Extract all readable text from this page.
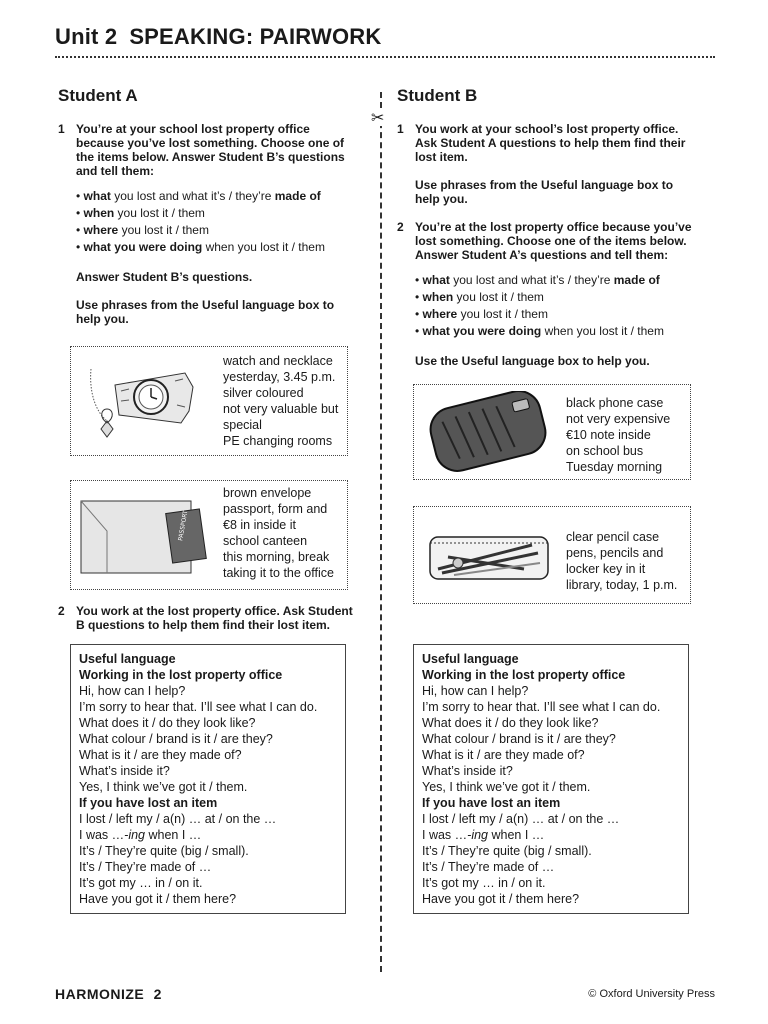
Unit 2 SPEAKING: PAIRWORK
✂
Student A
1 You’re at your school lost property office because you’ve lost something. Choose one of the items below. Answer Student B’s questions and tell them:
• what you lost and what it’s / they’re made of
• when you lost it / them
• where you lost it / them
• what you were doing when you lost it / them
Answer Student B’s questions.
Use phrases from the Useful language box to help you.
watch and necklace
yesterday, 3.45 p.m.
silver coloured
not very valuable but
special
PE changing rooms
PASSPORT
brown envelope
passport, form and
€8 in inside it
school canteen
this morning, break
taking it to the office
2 You work at the lost property office. Ask Student B questions to help them find their lost item.
Useful language
Working in the lost property office
Hi, how can I help?
I’m sorry to hear that. I’ll see what I can do.
What does it / do they look like?
What colour / brand is it / are they?
What is it / are they made of?
What’s inside it?
Yes, I think we’ve got it / them.
If you have lost an item
I lost / left my / a(n) … at / on the …
I was …-ing when I …
It’s / They’re quite (big / small).
It’s / They’re made of …
It’s got my … in / on it.
Have you got it / them here?
Student B
1 You work at your school’s lost property office. Ask Student A questions to help them find their lost item.
Use phrases from the Useful language box to help you.
2 You’re at the lost property office because you’ve lost something. Choose one of the items below. Answer Student A’s questions and tell them:
• what you lost and what it’s / they’re made of
• when you lost it / them
• where you lost it / them
• what you were doing when you lost it / them
Use the Useful language box to help you.
black phone case
not very expensive
€10 note inside
on school bus
Tuesday morning
clear pencil case
pens, pencils and
locker key in it
library, today, 1 p.m.
Useful language
Working in the lost property office
Hi, how can I help?
I’m sorry to hear that. I’ll see what I can do.
What does it / do they look like?
What colour / brand is it / are they?
What is it / are they made of?
What’s inside it?
Yes, I think we’ve got it / them.
If you have lost an item
I lost / left my / a(n) … at / on the …
I was …-ing when I …
It’s / They’re quite (big / small).
It’s / They’re made of …
It’s got my … in / on it.
Have you got it / them here?
HARMONIZE 2	© Oxford University Press
